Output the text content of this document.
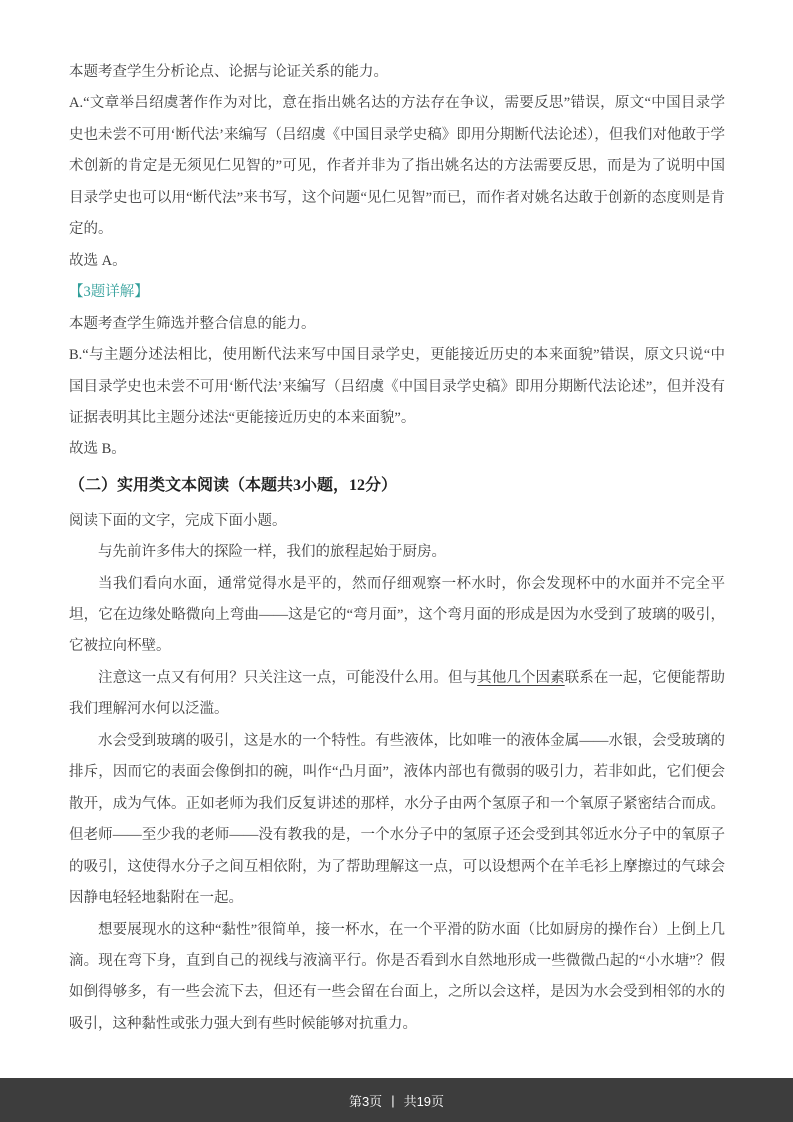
本题考查学生分析论点、论据与论证关系的能力。

A.“文章举吕绍虞著作作为对比，意在指出姚名达的方法存在争议，需要反思”错误，原文“中国目录学史也未尝不可用‘断代法’来编写（吕绍虞《中国目录学史稿》即用分期断代法论述），但我们对他敢于学术创新的肯定是无须见仁见智的”可见，作者并非为了指出姚名达的方法需要反思，而是为了说明中国目录学史也可以用“断代法”来书写，这个问题“见仁见智”而已，而作者对姚名达敢于创新的态度则是肯定的。

故选 A。

【3题详解】

本题考查学生筛选并整合信息的能力。

B.“与主题分述法相比，使用断代法来写中国目录学史，更能接近历史的本来面貌”错误，原文只说“中国目录学史也未尝不可用‘断代法’来编写（吕绍虞《中国目录学史稿》即用分期断代法论述”，但并没有证据表明其比主题分述法“更能接近历史的本来面貌”。

故选 B。

（二）实用类文本阅读（本题共3小题，12分）

阅读下面的文字，完成下面小题。

与先前许多伟大的探险一样，我们的旅程起始于厨房。

当我们看向水面，通常觉得水是平的，然而仔细观察一杯水时，你会发现杯中的水面并不完全平坦，它在边缘处略微向上弯曲——这是它的“弯月面”，这个弯月面的形成是因为水受到了玻璃的吸引，它被拉向杯壁。

注意这一点又有何用？只关注这一点，可能没什么用。但与其他几个因素联系在一起，它便能帮助我们理解河水何以泛滥。

水会受到玻璃的吸引，这是水的一个特性。有些液体，比如唯一的液体金属——水银，会受玻璃的排斥，因而它的表面会像倒扣的碗，叫作“凸月面”，液体内部也有微弱的吸引力，若非如此，它们便会散开，成为气体。正如老师为我们反复讲述的那样，水分子由两个氢原子和一个氧原子紧密结合而成。但老师——至少我的老师——没有教我的是，一个水分子中的氢原子还会受到其邻近水分子中的氧原子的吸引，这使得水分子之间互相依附，为了帮助理解这一点，可以设想两个在羊毛衫上摩擦过的气球会因静电轻轻地黏附在一起。

想要展现水的这种“黏性”很简单，接一杯水，在一个平滑的防水面（比如厨房的操作台）上倒上几滴。现在弯下身，直到自己的视线与液滴平行。你是否看到水自然地形成一些微微凸起的“小水塘”？假如倒得够多，有一些会流下去，但还有一些会留在台面上，之所以会这样，是因为水会受到相邻的水的吸引，这种黏性或张力强大到有些时候能够对抗重力。

第3页 | 共19页
